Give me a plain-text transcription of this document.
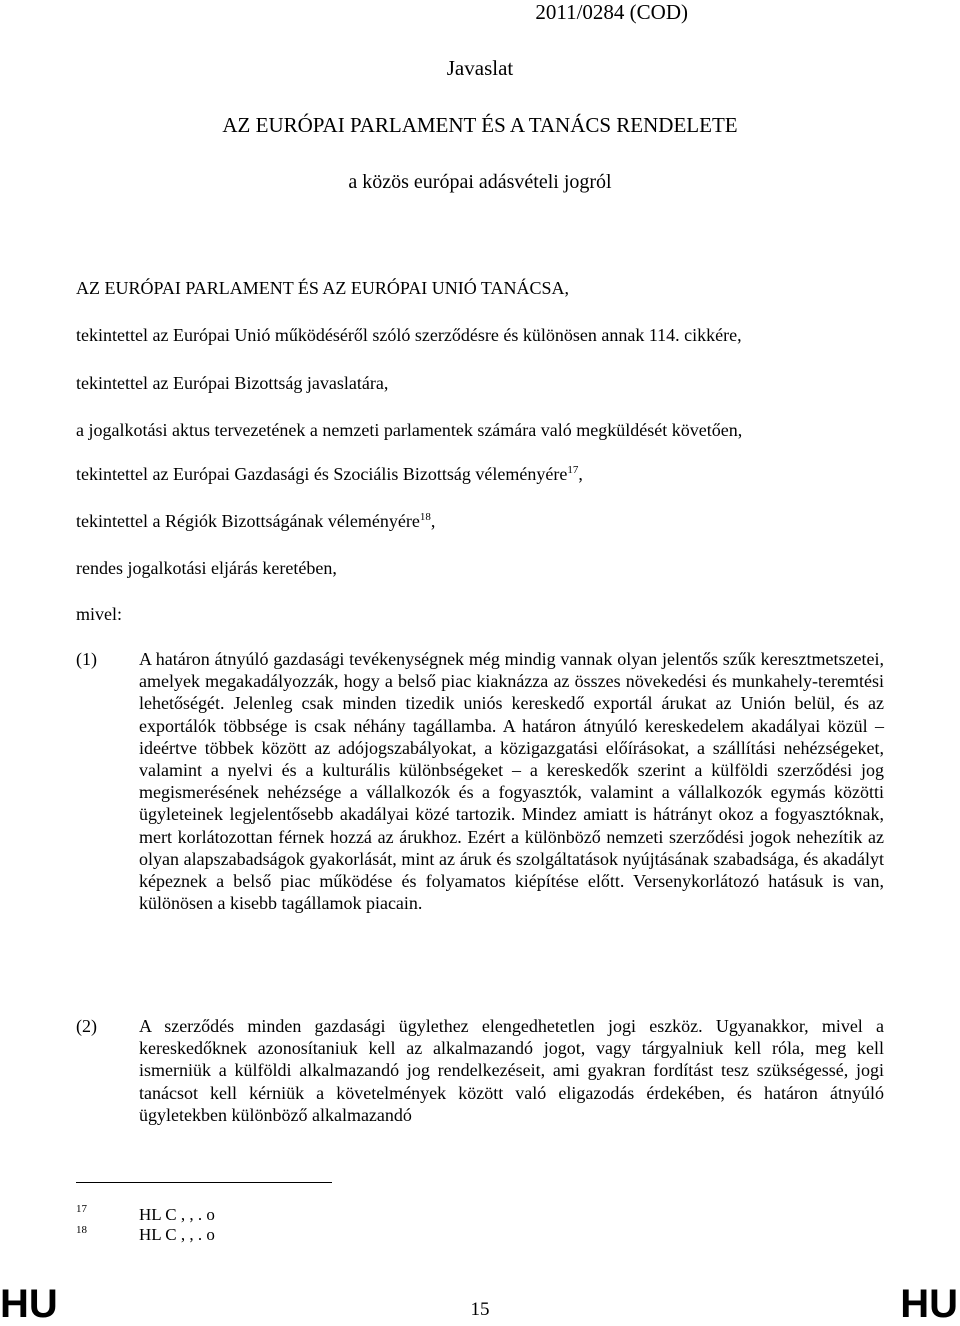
2011/0284 (COD)
Javaslat
AZ EURÓPAI PARLAMENT ÉS A TANÁCS RENDELETE
a közös európai adásvételi jogról
AZ EURÓPAI PARLAMENT ÉS AZ EURÓPAI UNIÓ TANÁCSA,
tekintettel az Európai Unió működéséről szóló szerződésre és különösen annak 114. cikkére,
tekintettel az Európai Bizottság javaslatára,
a jogalkotási aktus tervezetének a nemzeti parlamentek számára való megküldését követően,
tekintettel az Európai Gazdasági és Szociális Bizottság véleményére$^{17}$,
tekintettel a Régiók Bizottságának véleményére$^{18}$,
rendes jogalkotási eljárás keretében,
mivel:
(1) A határon átnyúló gazdasági tevékenységnek még mindig vannak olyan jelentős szűk keresztmetszetei, amelyek megakadályozzák, hogy a belső piac kiaknázza az összes növekedési és munkahely-teremtési lehetőségét. Jelenleg csak minden tizedik uniós kereskedő exportál árukat az Unión belül, és az exportálók többsége is csak néhány tagállamba. A határon átnyúló kereskedelem akadályai közül – ideértve többek között az adójogszabályokat, a közigazgatási előírásokat, a szállítási nehézségeket, valamint a nyelvi és a kulturális különbségeket – a kereskedők szerint a külföldi szerződési jog megismerésének nehézsége a vállalkozók és a fogyasztók, valamint a vállalkozók egymás közötti ügyleteinek legjelentősebb akadályai közé tartozik. Mindez amiatt is hátrányt okoz a fogyasztóknak, mert korlátozottan férnek hozzá az árukhoz. Ezért a különböző nemzeti szerződési jogok nehezítik az olyan alapszabadságok gyakorlását, mint az áruk és szolgáltatások nyújtásának szabadsága, és akadályt képeznek a belső piac működése és folyamatos kiépítése előtt. Versenykorlátozó hatásuk is van, különösen a kisebb tagállamok piacain.
(2) A szerződés minden gazdasági ügylethez elengedhetetlen jogi eszköz. Ugyanakkor, mivel a kereskedőknek azonosítaniuk kell az alkalmazandó jogot, vagy tárgyalniuk kell róla, meg kell ismerniük a külföldi alkalmazandó jog rendelkezéseit, ami gyakran fordítást tesz szükségessé, jogi tanácsot kell kérniük a követelmények között való eligazodás érdekében, és határon átnyúló ügyletekben különböző alkalmazandó
17	HL C , , . o
18	HL C , , . o
HU	15	HU
